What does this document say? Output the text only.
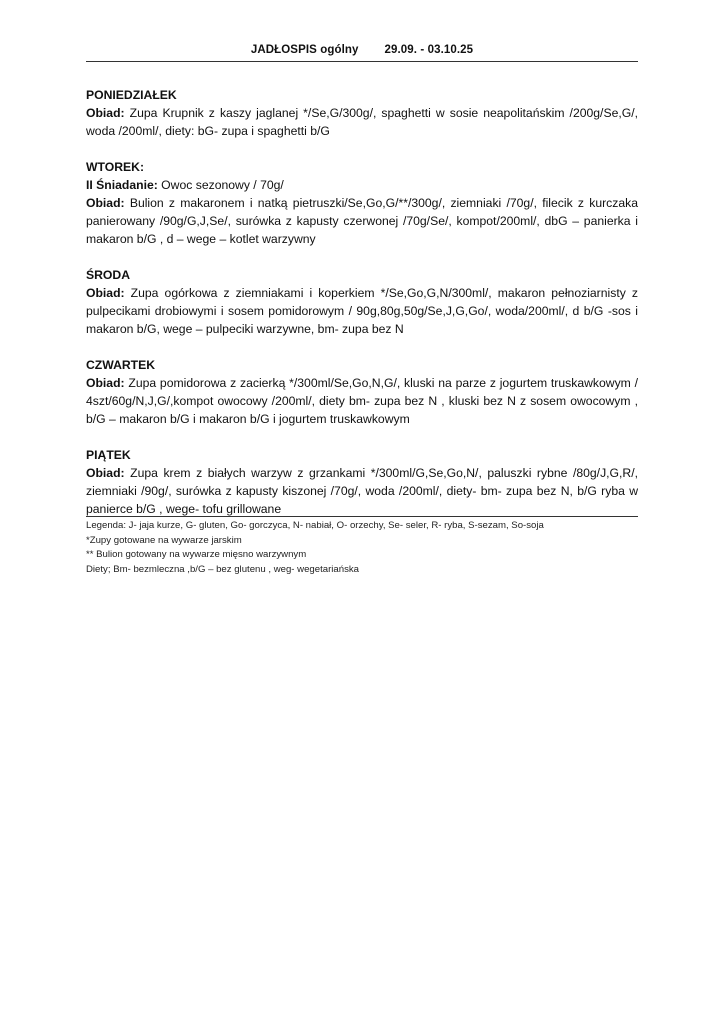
JADŁOSPIS ogólny 29.09. - 03.10.25

PONIEDZIAŁEK

Obiad: Zupa Krupnik z kaszy jaglanej */Se,G/300g/, spaghetti w sosie neapolitańskim /200g/Se,G/, woda /200ml/, diety: bG- zupa i spaghetti b/G

WTOREK:

II Śniadanie: Owoc sezonowy / 70g/

Obiad: Bulion z makaronem i natką pietruszki/Se,Go,G/**/300g/, ziemniaki /70g/, filecik z kurczaka panierowany /90g/G,J,Se/, surówka z kapusty czerwonej /70g/Se/, kompot/200ml/, dbG – panierka i makaron b/G , d – wege – kotlet warzywny

ŚRODA

Obiad: Zupa ogórkowa z ziemniakami i koperkiem */Se,Go,G,N/300ml/, makaron pełnoziarnisty z pulpecikami drobiowymi i sosem pomidorowym / 90g,80g,50g/Se,J,G,Go/, woda/200ml/, d b/G -sos i makaron b/G, wege – pulpeciki warzywne, bm- zupa bez N

CZWARTEK

Obiad: Zupa pomidorowa z zacierką */300ml/Se,Go,N,G/, kluski na parze z jogurtem truskawkowym / 4szt/60g/N,J,G/,kompot owocowy /200ml/, diety bm- zupa bez N , kluski bez N z sosem owocowym , b/G – makaron b/G i makaron b/G i jogurtem truskawkowym

PIĄTEK

Obiad: Zupa krem z białych warzyw z grzankami */300ml/G,Se,Go,N/, paluszki rybne /80g/J,G,R/, ziemniaki /90g/, surówka z kapusty kiszonej /70g/, woda /200ml/, diety- bm- zupa bez N, b/G ryba w panierce b/G , wege- tofu grillowane

Legenda: J- jaja kurze, G- gluten, Go- gorczyca, N- nabiał, O- orzechy, Se- seler, R- ryba, S-sezam, So-soja

*Zupy gotowane na wywarze jarskim

** Bulion gotowany na wywarze mięsno warzywnym

Diety; Bm- bezmleczna ,b/G – bez glutenu , weg- wegetariańska
